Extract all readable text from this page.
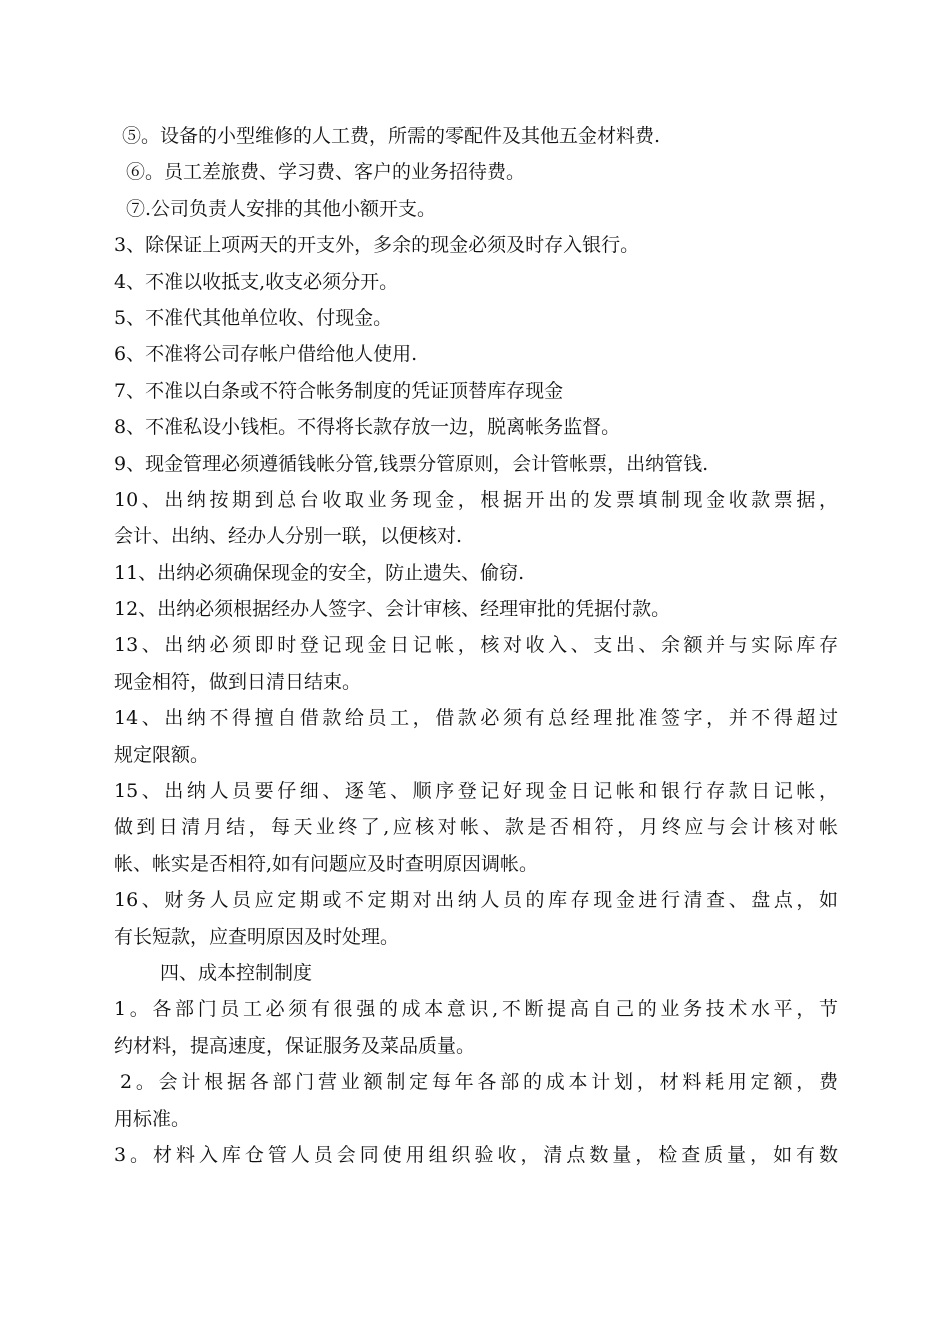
⑤。设备的小型维修的人工费，所需的零配件及其他五金材料费.
⑥。员工差旅费、学习费、客户的业务招待费。
⑦.公司负责人安排的其他小额开支。
3、除保证上项两天的开支外，多余的现金必须及时存入银行。
4、不准以收抵支,收支必须分开。
5、不准代其他单位收、付现金。
6、不准将公司存帐户借给他人使用.
7、不准以白条或不符合帐务制度的凭证顶替库存现金
8、不准私设小钱柜。不得将长款存放一边，脱离帐务监督。
9、现金管理必须遵循钱帐分管,钱票分管原则，会计管帐票，出纳管钱.
10、出纳按期到总台收取业务现金，根据开出的发票填制现金收款票据，
会计、出纳、经办人分别一联，以便核对.
11、出纳必须确保现金的安全，防止遗失、偷窃.
12、出纳必须根据经办人签字、会计审核、经理审批的凭据付款。
13、出纳必须即时登记现金日记帐，核对收入、支出、余额并与实际库存
现金相符，做到日清日结束。
14、出纳不得擅自借款给员工，借款必须有总经理批准签字，并不得超过
规定限额。
15、出纳人员要仔细、逐笔、顺序登记好现金日记帐和银行存款日记帐，
做到日清月结，每天业终了,应核对帐、款是否相符，月终应与会计核对帐
帐、帐实是否相符,如有问题应及时查明原因调帐。
16、财务人员应定期或不定期对出纳人员的库存现金进行清查、盘点，如
有长短款，应查明原因及时处理。
四、成本控制制度
1。各部门员工必须有很强的成本意识,不断提高自己的业务技术水平，节
约材料，提高速度，保证服务及菜品质量。
2。会计根据各部门营业额制定每年各部的成本计划，材料耗用定额，费
用标准。
3。材料入库仓管人员会同使用组织验收，清点数量，检查质量，如有数
